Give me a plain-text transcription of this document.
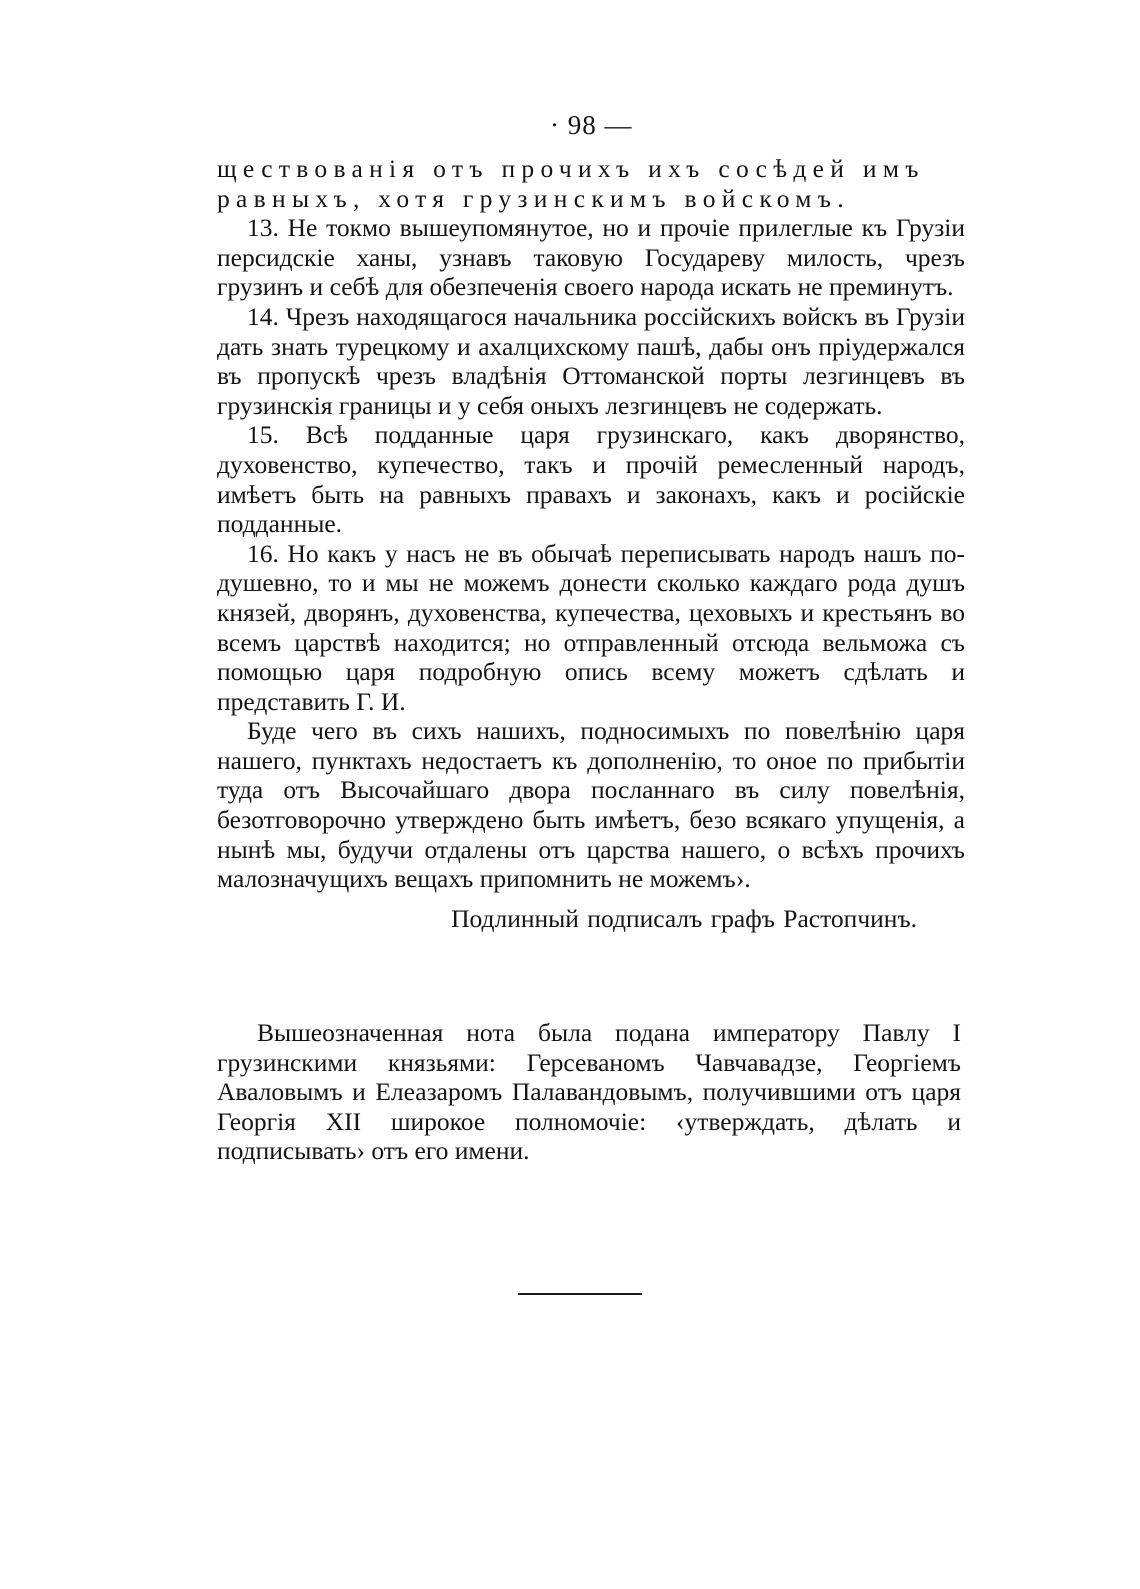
· 98 —

ществованія отъ прочихъ ихъ сосѣдей имъ

равныхъ, хотя грузинскимъ войскомъ.

13. Не токмо вышеупомянутое, но и прочіе прилеглые къ Грузіи персидскіе ханы, узнавъ таковую Государеву милость, чрезъ грузинъ и себѣ для обезпеченія своего народа искать не преминутъ.

14. Чрезъ находящагося начальника россійскихъ войскъ въ Грузіи дать знать турецкому и ахалцихскому пашѣ, дабы онъ пріудержался въ пропускѣ чрезъ владѣнія Оттоманской порты лезгинцевъ въ грузинскія границы и у себя оныхъ лезгинцевъ не содержать.

15. Всѣ подданные царя грузинскаго, какъ дворянство, духовенство, купечество, такъ и прочій ремесленный народъ, имѣетъ быть на равныхъ правахъ и законахъ, какъ и російскіе подданные.

16. Но какъ у насъ не въ обычаѣ переписывать народъ нашъ по-душевно, то и мы не можемъ донести сколько каждаго рода душъ князей, дворянъ, духовенства, купечества, цеховыхъ и крестьянъ во всемъ царствѣ находится; но отправленный отсюда вельможа съ помощью царя подробную опись всему можетъ сдѣлать и представить Г. И.

Буде чего въ сихъ нашихъ, подносимыхъ по повелѣнію царя нашего, пунктахъ недостаетъ къ дополненію, то оное по прибытіи туда отъ Высочайшаго двора посланнаго въ силу повелѣнія, безотговорочно утверждено быть имѣетъ, безо всякаго упущенія, а нынѣ мы, будучи отдалены отъ царства нашего, о всѣхъ прочихъ малозначущихъ вещахъ припомнить не можемъ›.

Подлинный подписалъ графъ Растопчинъ.

Вышеозначенная нота была подана императору Павлу I грузинскими князьями: Герсеваномъ Чавчавадзе, Георгіемъ Аваловымъ и Елеазаромъ Палавандовымъ, получившими отъ царя Георгія XII широкое полномочіе: ‹утверждать, дѣлать и подписывать› отъ его имени.
